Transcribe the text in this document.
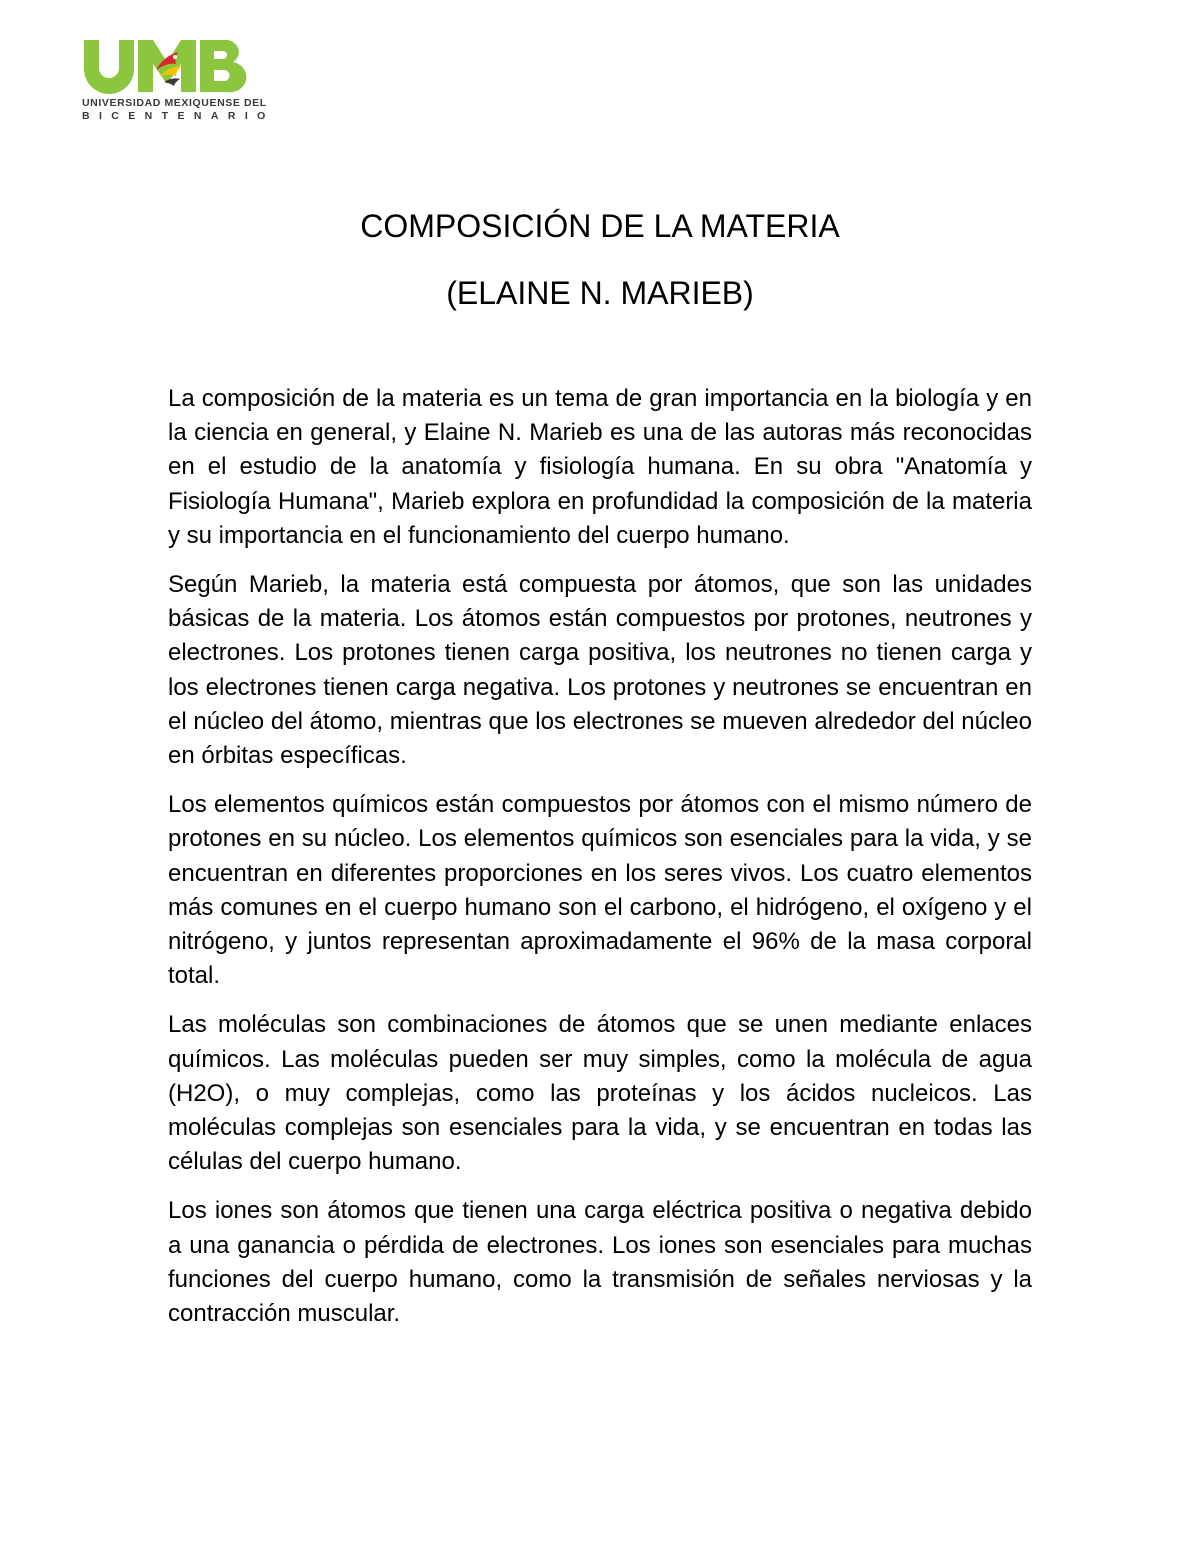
UNIVERSIDAD MEXIQUENSE DEL
BICENTENARIO
COMPOSICIÓN DE LA MATERIA
(ELAINE N. MARIEB)

La composición de la materia es un tema de gran importancia en la biología y en la ciencia en general, y Elaine N. Marieb es una de las autoras más reconocidas en el estudio de la anatomía y fisiología humana. En su obra "Anatomía y Fisiología Humana", Marieb explora en profundidad la composición de la materia y su importancia en el funcionamiento del cuerpo humano.

Según Marieb, la materia está compuesta por átomos, que son las unidades básicas de la materia. Los átomos están compuestos por protones, neutrones y electrones. Los protones tienen carga positiva, los neutrones no tienen carga y los electrones tienen carga negativa. Los protones y neutrones se encuentran en el núcleo del átomo, mientras que los electrones se mueven alrededor del núcleo en órbitas específicas.

Los elementos químicos están compuestos por átomos con el mismo número de protones en su núcleo. Los elementos químicos son esenciales para la vida, y se encuentran en diferentes proporciones en los seres vivos. Los cuatro elementos más comunes en el cuerpo humano son el carbono, el hidrógeno, el oxígeno y el nitrógeno, y juntos representan aproximadamente el 96% de la masa corporal total.

Las moléculas son combinaciones de átomos que se unen mediante enlaces químicos. Las moléculas pueden ser muy simples, como la molécula de agua (H2O), o muy complejas, como las proteínas y los ácidos nucleicos. Las moléculas complejas son esenciales para la vida, y se encuentran en todas las células del cuerpo humano.

Los iones son átomos que tienen una carga eléctrica positiva o negativa debido a una ganancia o pérdida de electrones. Los iones son esenciales para muchas funciones del cuerpo humano, como la transmisión de señales nerviosas y la contracción muscular.
